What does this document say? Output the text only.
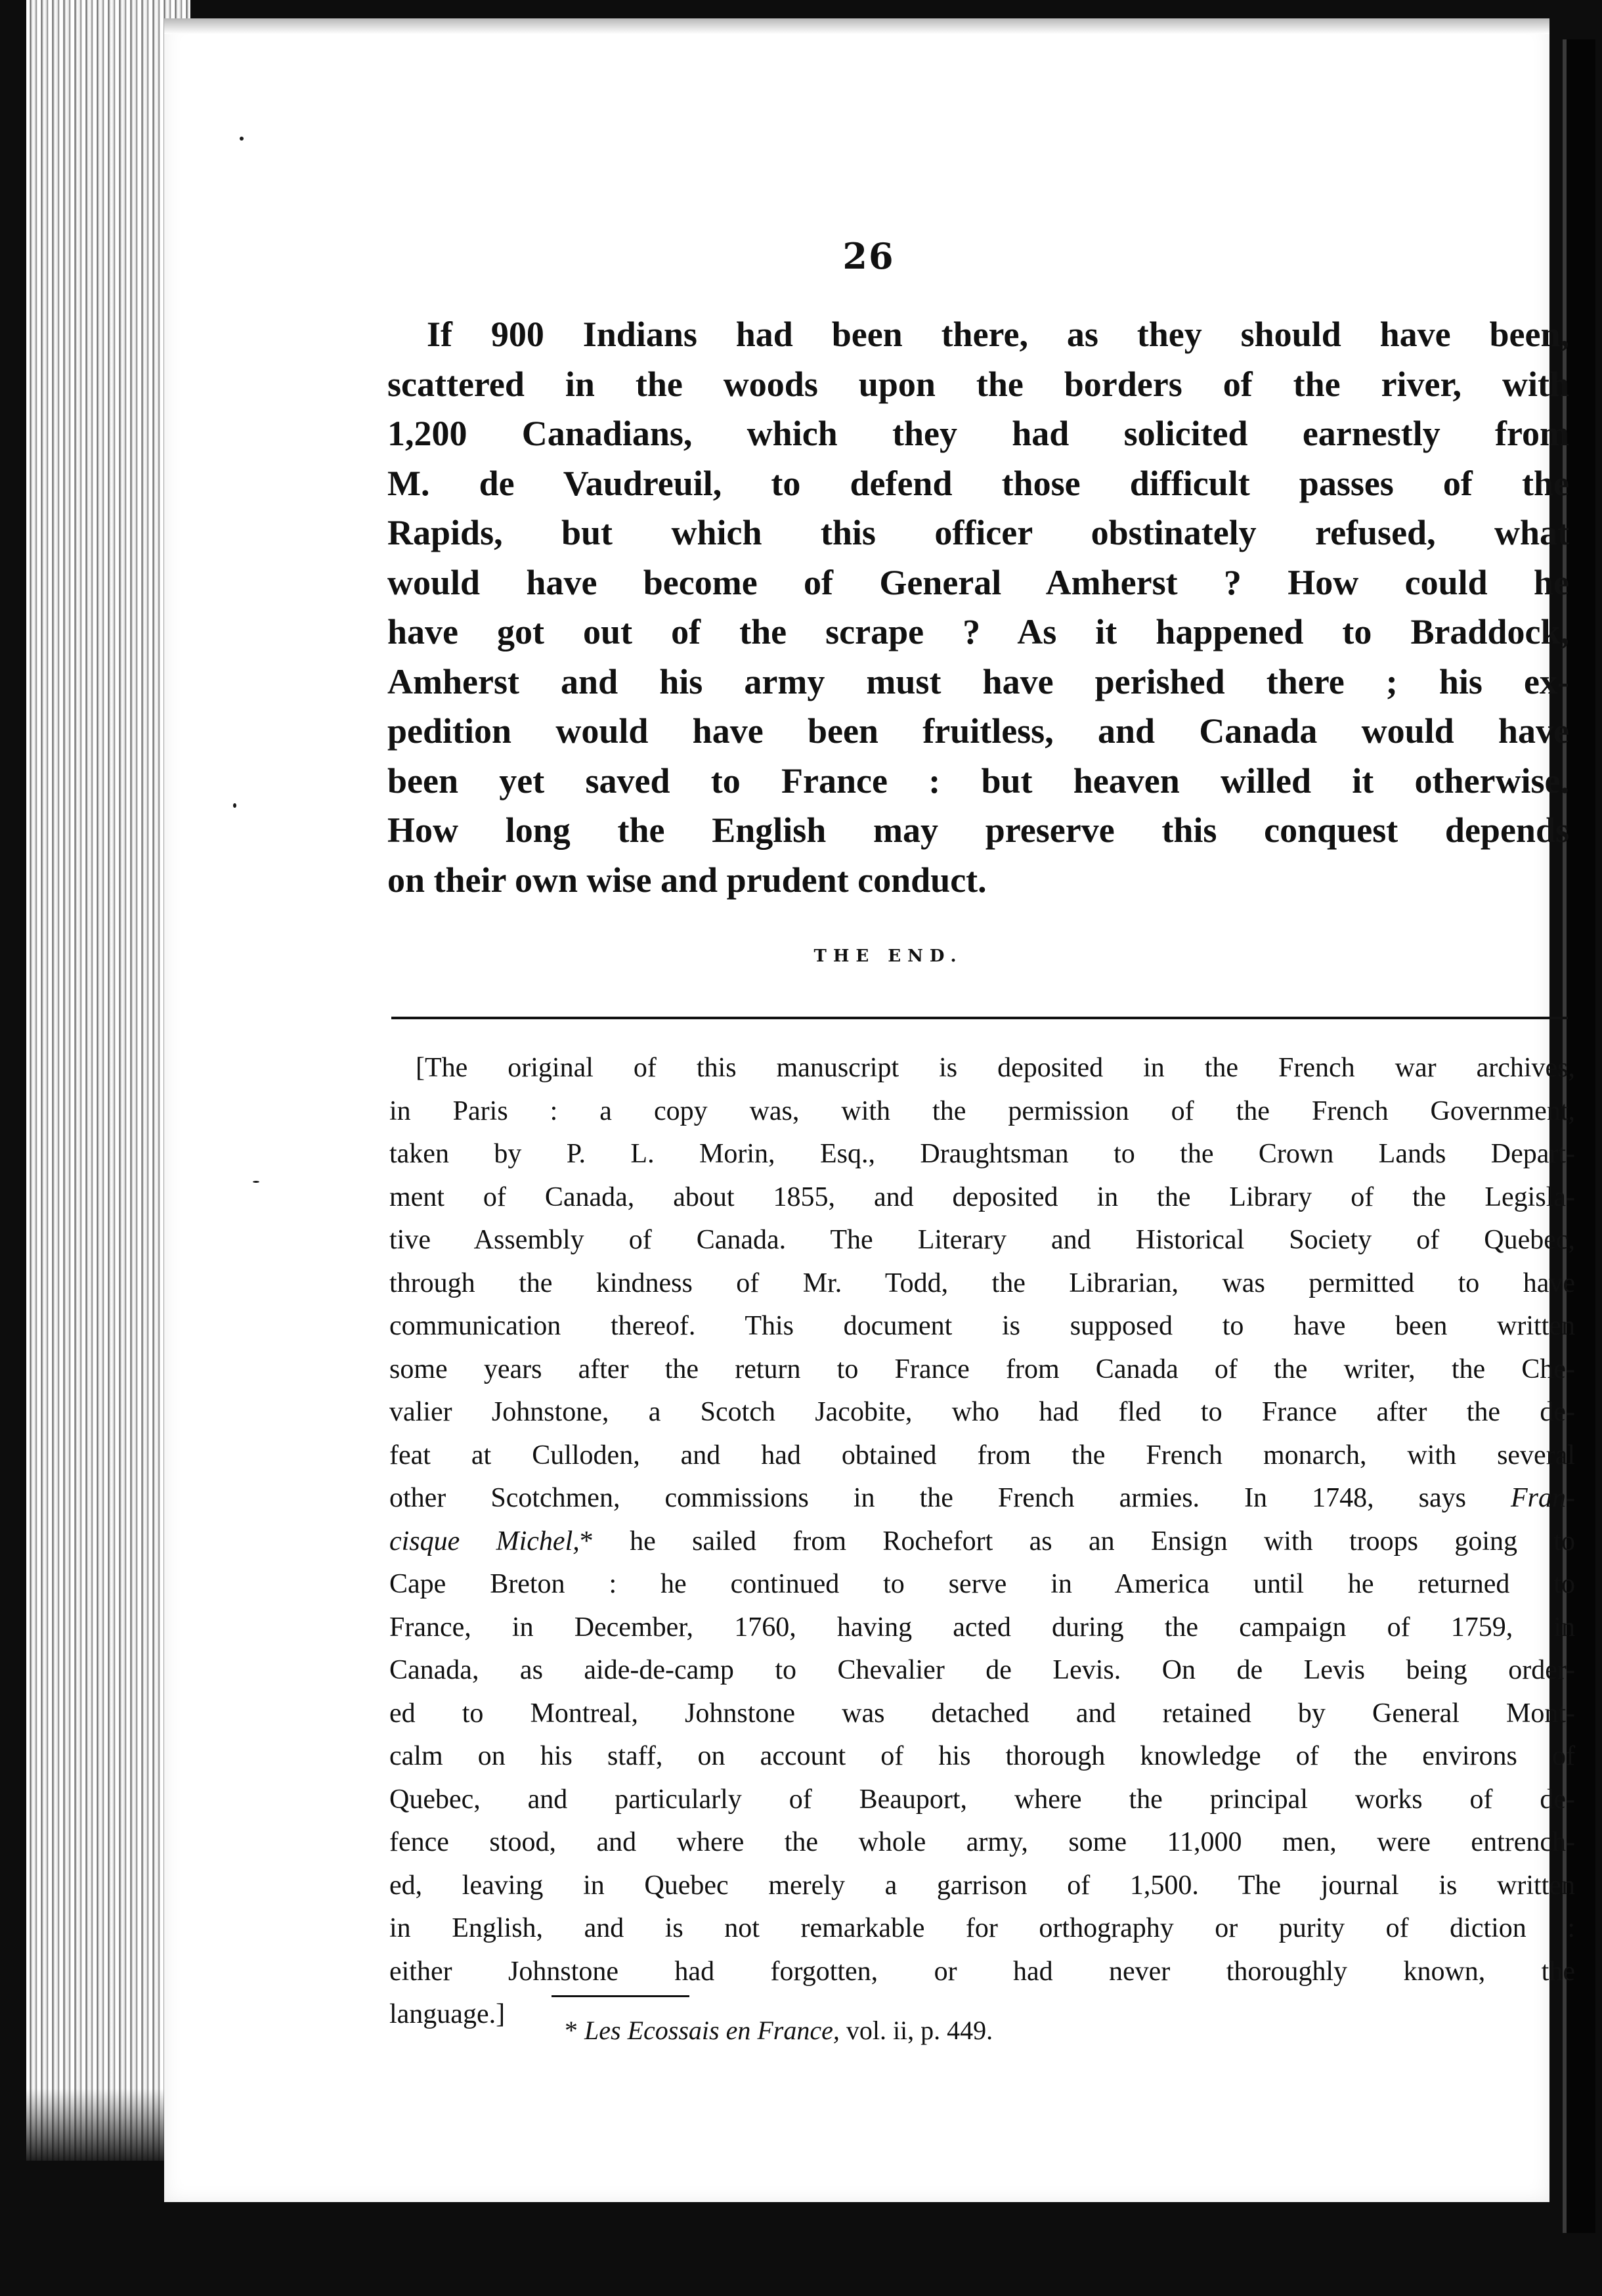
26
If 900 Indians had been there, as they should have been,
scattered in the woods upon the borders of the river, with
1,200 Canadians, which they had solicited earnestly from
M. de Vaudreuil, to defend those difficult passes of the
Rapids, but which this officer obstinately refused, what
would have become of General Amherst ? How could he
have got out of the scrape ? As it happened to Braddock,
Amherst and his army must have perished there ; his ex-
pedition would have been fruitless, and Canada would have
been yet saved to France : but heaven willed it otherwise.
How long the English may preserve this conquest depends
on their own wise and prudent conduct.
THE END.
[The original of this manuscript is deposited in the French war archives,
in Paris : a copy was, with the permission of the French Government,
taken by P. L. Morin, Esq., Draughtsman to the Crown Lands Depart-
ment of Canada, about 1855, and deposited in the Library of the Legisla-
tive Assembly of Canada. The Literary and Historical Society of Quebec,
through the kindness of Mr. Todd, the Librarian, was permitted to have
communication thereof. This document is supposed to have been written
some years after the return to France from Canada of the writer, the Che-
valier Johnstone, a Scotch Jacobite, who had fled to France after the de-
feat at Culloden, and had obtained from the French monarch, with several
other Scotchmen, commissions in the French armies. In 1748, says Fran-
cisque Michel,* he sailed from Rochefort as an Ensign with troops going to
Cape Breton : he continued to serve in America until he returned to
France, in December, 1760, having acted during the campaign of 1759, in
Canada, as aide-de-camp to Chevalier de Levis. On de Levis being order-
ed to Montreal, Johnstone was detached and retained by General Mont-
calm on his staff, on account of his thorough knowledge of the environs of
Quebec, and particularly of Beauport, where the principal works of de-
fence stood, and where the whole army, some 11,000 men, were entrench-
ed, leaving in Quebec merely a garrison of 1,500. The journal is written
in English, and is not remarkable for orthography or purity of diction :
either Johnstone had forgotten, or had never thoroughly known, the
language.]
* Les Ecossais en France, vol. ii, p. 449.
